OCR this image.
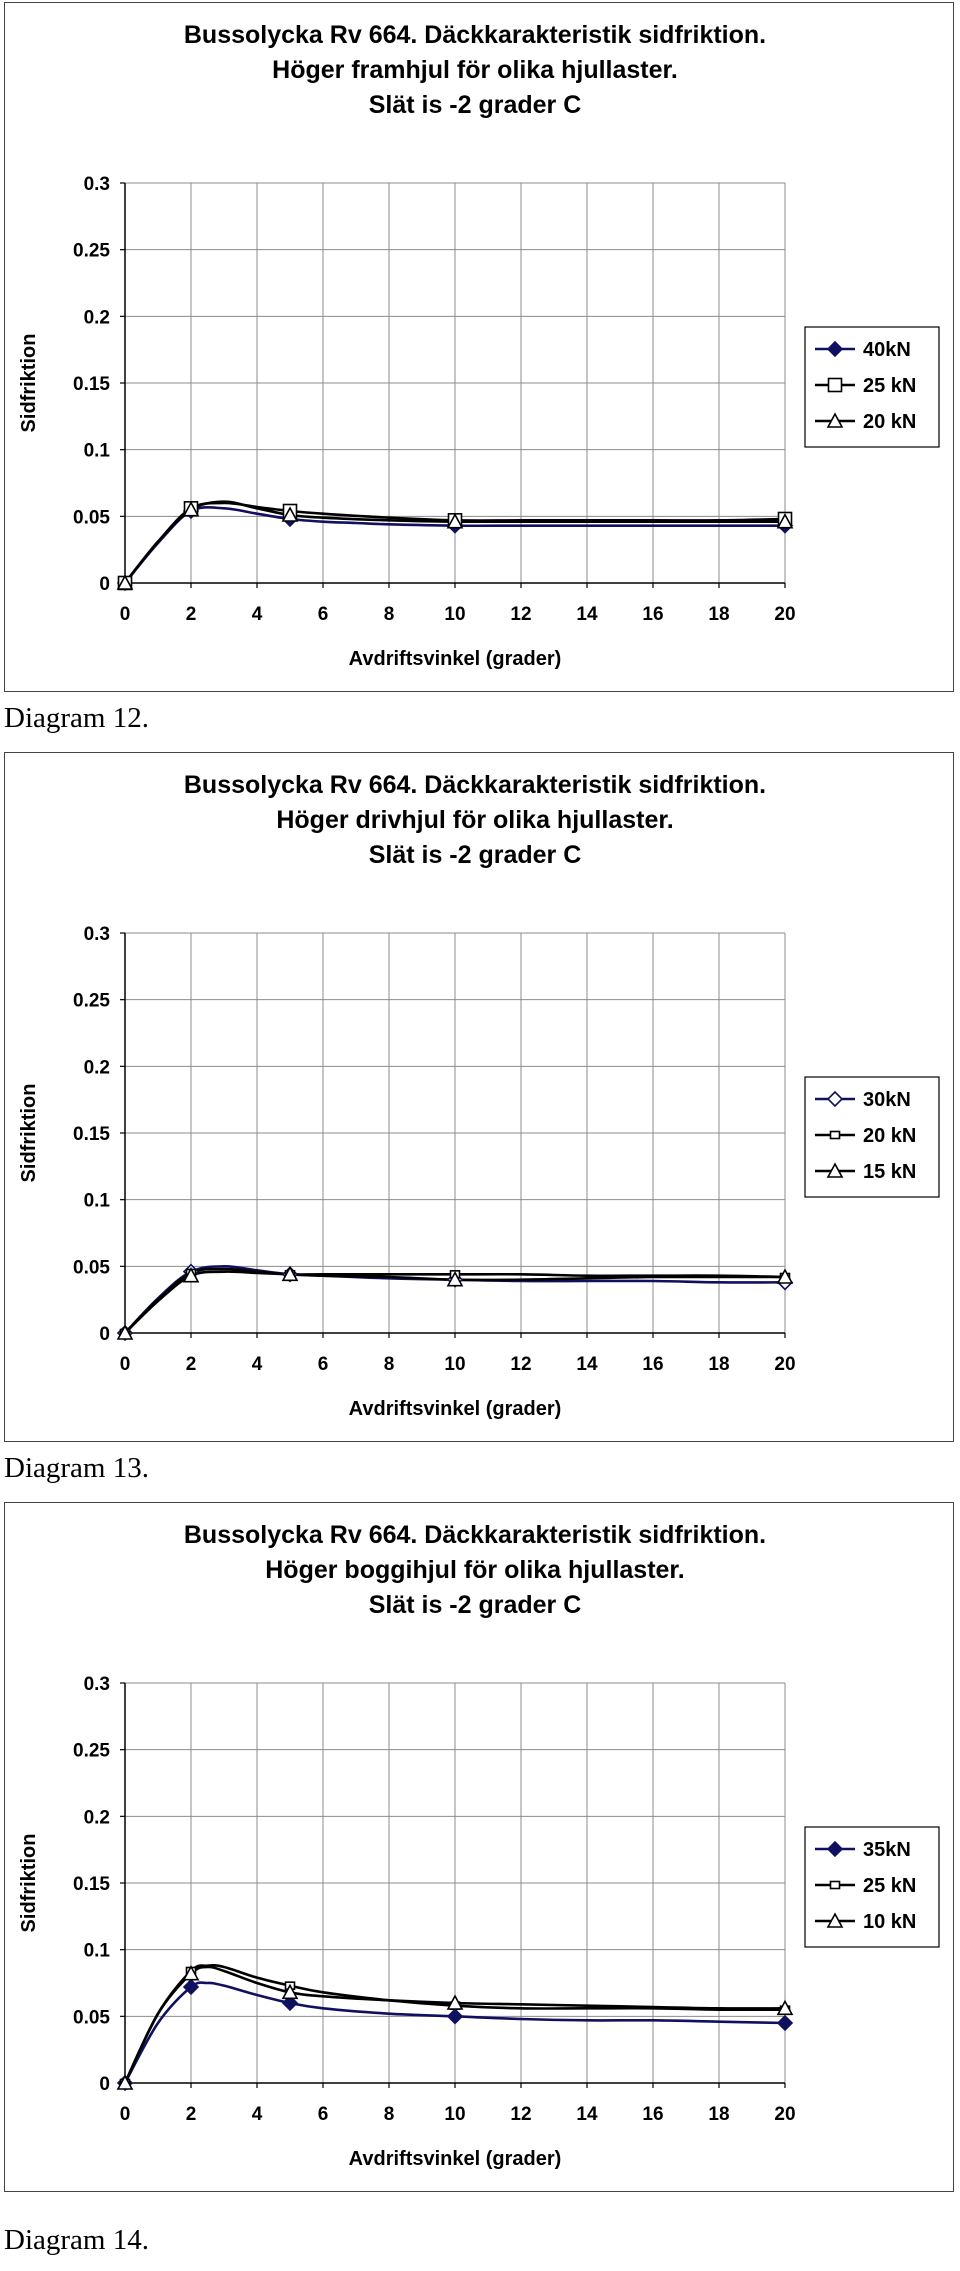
Bussolycka Rv 664. Däckkarakteristik sidfriktion.
Höger framhjul för olika hjullaster.
Slät is -2 grader C
0
0.05
0.1
0.15
0.2
0.25
0.3
0	2	4	6	8	10 12 14 16 18 20
Avdriftsvinkel (grader)
Sidfriktion	40kN
25 kN
20 kN
Diagram 12.
Bussolycka Rv 664. Däckkarakteristik sidfriktion.
Höger drivhjul för olika hjullaster.
Slät is -2 grader C
0
0.05
0.1
0.15
0.2
0.25
0.3
0	2	4	6	8	10 12 14 16 18 20
Avdriftsvinkel (grader)
Sidfriktion	30kN
20 kN
15 kN
Diagram 13.
Bussolycka Rv 664. Däckkarakteristik sidfriktion.
Höger boggihjul för olika hjullaster.
Slät is -2 grader C
0
0.05
0.1
0.15
0.2
0.25
0.3
0	2	4	6	8	10 12 14 16 18 20
Avdriftsvinkel (grader)
Sidfriktion	35kN
25 kN
10 kN
Diagram 14.
